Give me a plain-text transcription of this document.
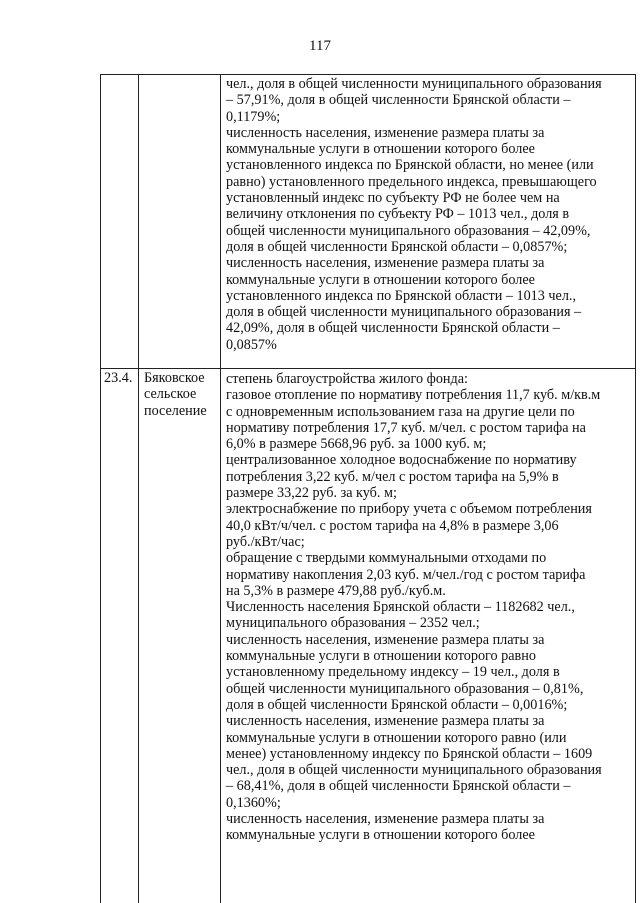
117
чел., доля в общей численности муниципального образования
– 57,91%, доля в общей численности Брянской области –
0,1179%;
численность населения, изменение размера платы за
коммунальные услуги в отношении которого более
установленного индекса по Брянской области, но менее (или
равно) установленного предельного индекса, превышающего
установленный индекс по субъекту РФ не более чем на
величину отклонения по субъекту РФ – 1013 чел., доля в
общей численности муниципального образования – 42,09%,
доля в общей численности Брянской области – 0,0857%;
численность населения, изменение размера платы за
коммунальные услуги в отношении которого более
установленного индекса по Брянской области – 1013 чел.,
доля в общей численности муниципального образования –
42,09%, доля в общей численности Брянской области –
0,0857%
23.4. Бяковское
сельское
поселение
степень благоустройства жилого фонда:
газовое отопление по нормативу потребления 11,7 куб. м/кв.м
с одновременным использованием газа на другие цели по
нормативу потребления 17,7 куб. м/чел. с ростом тарифа на
6,0% в размере 5668,96 руб. за 1000 куб. м;
централизованное холодное водоснабжение по нормативу
потребления 3,22 куб. м/чел с ростом тарифа на 5,9% в
размере 33,22 руб. за куб. м;
электроснабжение по прибору учета с объемом потребления
40,0 кВт/ч/чел. с ростом тарифа на 4,8% в размере 3,06
руб./кВт/час;
обращение с твердыми коммунальными отходами по
нормативу накопления 2,03 куб. м/чел./год с ростом тарифа
на 5,3% в размере 479,88 руб./куб.м.
Численность населения Брянской области – 1182682 чел.,
муниципального образования – 2352 чел.;
численность населения, изменение размера платы за
коммунальные услуги в отношении которого равно
установленному предельному индексу – 19 чел., доля в
общей численности муниципального образования – 0,81%,
доля в общей численности Брянской области – 0,0016%;
численность населения, изменение размера платы за
коммунальные услуги в отношении которого равно (или
менее) установленному индексу по Брянской области – 1609
чел., доля в общей численности муниципального образования
– 68,41%, доля в общей численности Брянской области –
0,1360%;
численность населения, изменение размера платы за
коммунальные услуги в отношении которого более
